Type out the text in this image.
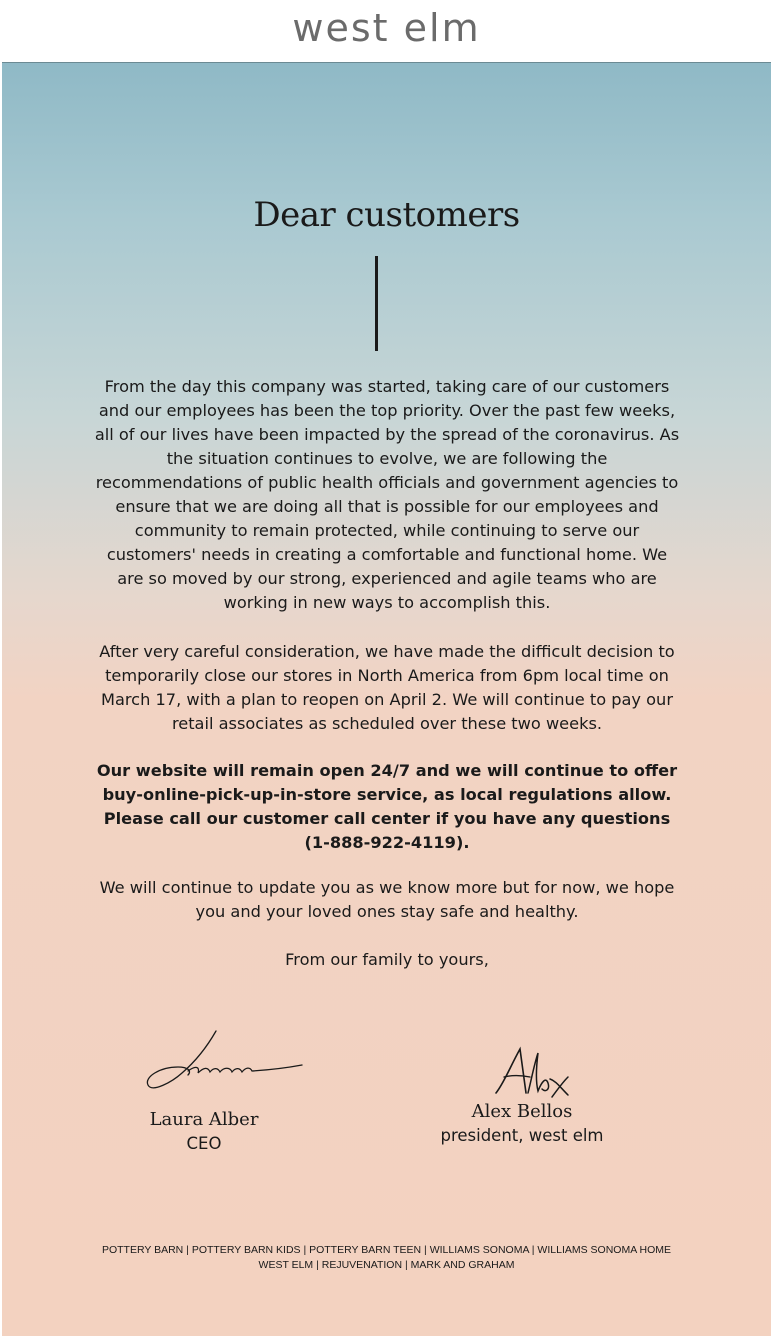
west elm
Dear customers

From the day this company was started, taking care of our customers and our employees has been the top priority. Over the past few weeks, all of our lives have been impacted by the spread of the coronavirus. As the situation continues to evolve, we are following the recommendations of public health officials and government agencies to ensure that we are doing all that is possible for our employees and community to remain protected, while continuing to serve our customers' needs in creating a comfortable and functional home. We are so moved by our strong, experienced and agile teams who are working in new ways to accomplish this.

After very careful consideration, we have made the difficult decision to temporarily close our stores in North America from 6pm local time on March 17, with a plan to reopen on April 2. We will continue to pay our retail associates as scheduled over these two weeks.

Our website will remain open 24/7 and we will continue to offer buy-online-pick-up-in-store service, as local regulations allow. Please call our customer call center if you have any questions (1-888-922-4119).

We will continue to update you as we know more but for now, we hope you and your loved ones stay safe and healthy.

From our family to yours,

Laura Alber
CEO
Alex Bellos
president, west elm
POTTERY BARN | POTTERY BARN KIDS | POTTERY BARN TEEN | WILLIAMS SONOMA | WILLIAMS SONOMA HOME
WEST ELM | REJUVENATION | MARK AND GRAHAM
